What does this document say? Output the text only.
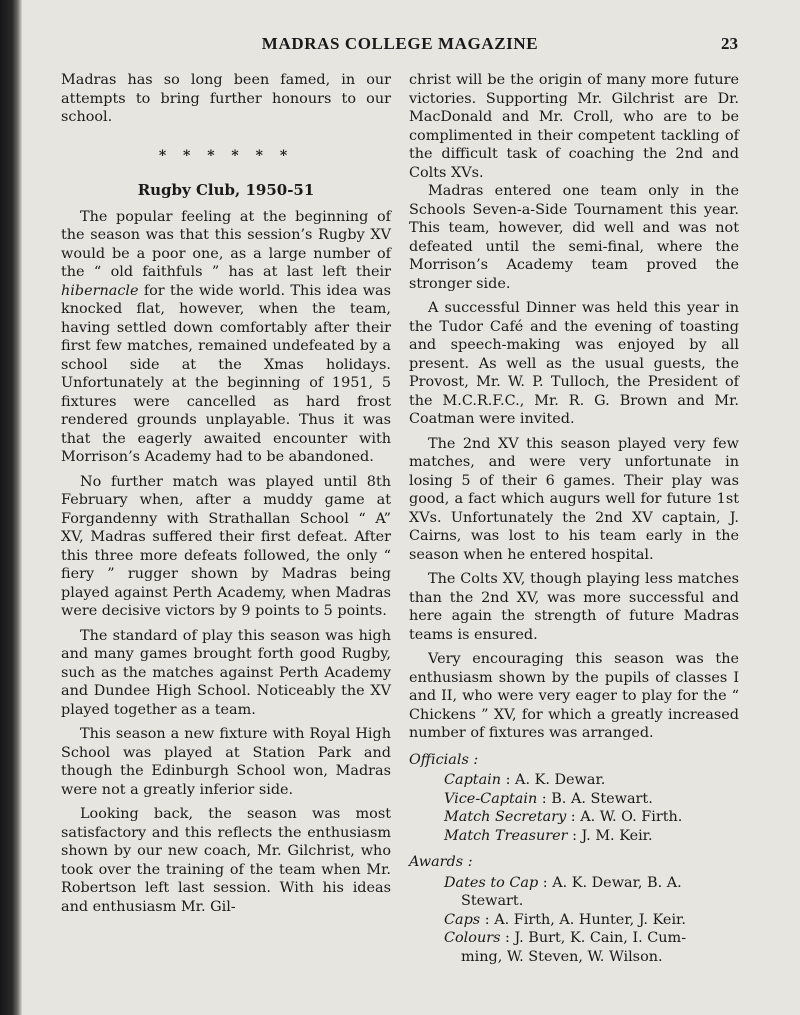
MADRAS COLLEGE MAGAZINE	23

Madras has so long been famed, in our attempts to bring further honours to our school.

* * * * * *
Rugby Club, 1950-51

The popular feeling at the beginning of the season was that this session’s Rugby XV would be a poor one, as a large number of the “ old faithfuls ” has at last left their hibernacle for the wide world. This idea was knocked flat, however, when the team, having settled down comfortably after their first few matches, remained undefeated by a school side at the Xmas holidays. Unfortunately at the beginning of 1951, 5 fixtures were cancelled as hard frost rendered grounds unplayable. Thus it was that the eagerly awaited encounter with Morrison’s Academy had to be abandoned.

No further match was played until 8th February when, after a muddy game at Forgandenny with Strathallan School “ A” XV, Madras suffered their first defeat. After this three more defeats followed, the only “ fiery ” rugger shown by Madras being played against Perth Academy, when Madras were decisive victors by 9 points to 5 points.

The standard of play this season was high and many games brought forth good Rugby, such as the matches against Perth Academy and Dundee High School. Noticeably the XV played together as a team.

This season a new fixture with Royal High School was played at Station Park and though the Edinburgh School won, Madras were not a greatly inferior side.

Looking back, the season was most satisfactory and this reflects the enthusiasm shown by our new coach, Mr. Gilchrist, who took over the training of the team when Mr. Robertson left last session. With his ideas and enthusiasm Mr. Gil-

christ will be the origin of many more future victories. Supporting Mr. Gilchrist are Dr. MacDonald and Mr. Croll, who are to be complimented in their competent tackling of the difficult task of coaching the 2nd and Colts XVs.

Madras entered one team only in the Schools Seven-a-Side Tournament this year. This team, however, did well and was not defeated until the semi-final, where the Morrison’s Academy team proved the stronger side.

A successful Dinner was held this year in the Tudor Café and the evening of toasting and speech-making was enjoyed by all present. As well as the usual guests, the Provost, Mr. W. P. Tulloch, the President of the M.C.R.F.C., Mr. R. G. Brown and Mr. Coatman were invited.

The 2nd XV this season played very few matches, and were very unfortunate in losing 5 of their 6 games. Their play was good, a fact which augurs well for future 1st XVs. Unfortunately the 2nd XV captain, J. Cairns, was lost to his team early in the season when he entered hospital.

The Colts XV, though playing less matches than the 2nd XV, was more successful and here again the strength of future Madras teams is ensured.

Very encouraging this season was the enthusiasm shown by the pupils of classes I and II, who were very eager to play for the “ Chickens ” XV, for which a greatly increased number of fixtures was arranged.

Officials :
Captain : A. K. Dewar.
Vice-Captain : B. A. Stewart.
Match Secretary : A. W. O. Firth.
Match Treasurer : J. M. Keir.
Awards :
Dates to Cap : A. K. Dewar, B. A.
Stewart.
Caps : A. Firth, A. Hunter, J. Keir.
Colours : J. Burt, K. Cain, I. Cum-
ming, W. Steven, W. Wilson.
